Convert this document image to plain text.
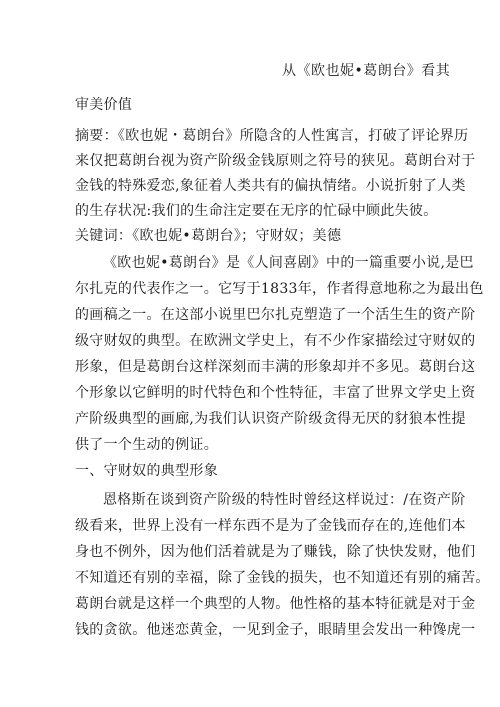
从《欧也妮•葛朗台》看其
审美价值
摘要：《欧也妮・葛朗台》所隐含的人性寓言，打破了评论界历
来仅把葛朗台视为资产阶级金钱原则之符号的狭见。葛朗台对于
金钱的特殊爱恋,象征着人类共有的偏执情绪。小说折射了人类
的生存状况:我们的生命注定要在无序的忙碌中顾此失彼。
关键词：《欧也妮•葛朗台》；守财奴；美德
《欧也妮•葛朗台》是《人间喜剧》中的一篇重要小说,是巴
尔扎克的代表作之一。它写于1833年，作者得意地称之为最出色
的画稿之一。在这部小说里巴尔扎克塑造了一个活生生的资产阶
级守财奴的典型。在欧洲文学史上，有不少作家描绘过守财奴的
形象，但是葛朗台这样深刻而丰满的形象却并不多见。葛朗台这
个形象以它鲜明的时代特色和个性特征，丰富了世界文学史上资
产阶级典型的画廊,为我们认识资产阶级贪得无厌的豺狼本性提
供了一个生动的例证。
一、守财奴的典型形象
恩格斯在谈到资产阶级的特性时曾经这样说过：/在资产阶
级看来，世界上没有一样东西不是为了金钱而存在的,连他们本
身也不例外，因为他们活着就是为了赚钱，除了快快发财，他们
不知道还有别的幸福，除了金钱的损失，也不知道还有别的痛苦。
葛朗台就是这样一个典型的人物。他性格的基本特征就是对于金
钱的贪欲。他迷恋黄金，一见到金子，眼睛里会发出一种馋虎一
